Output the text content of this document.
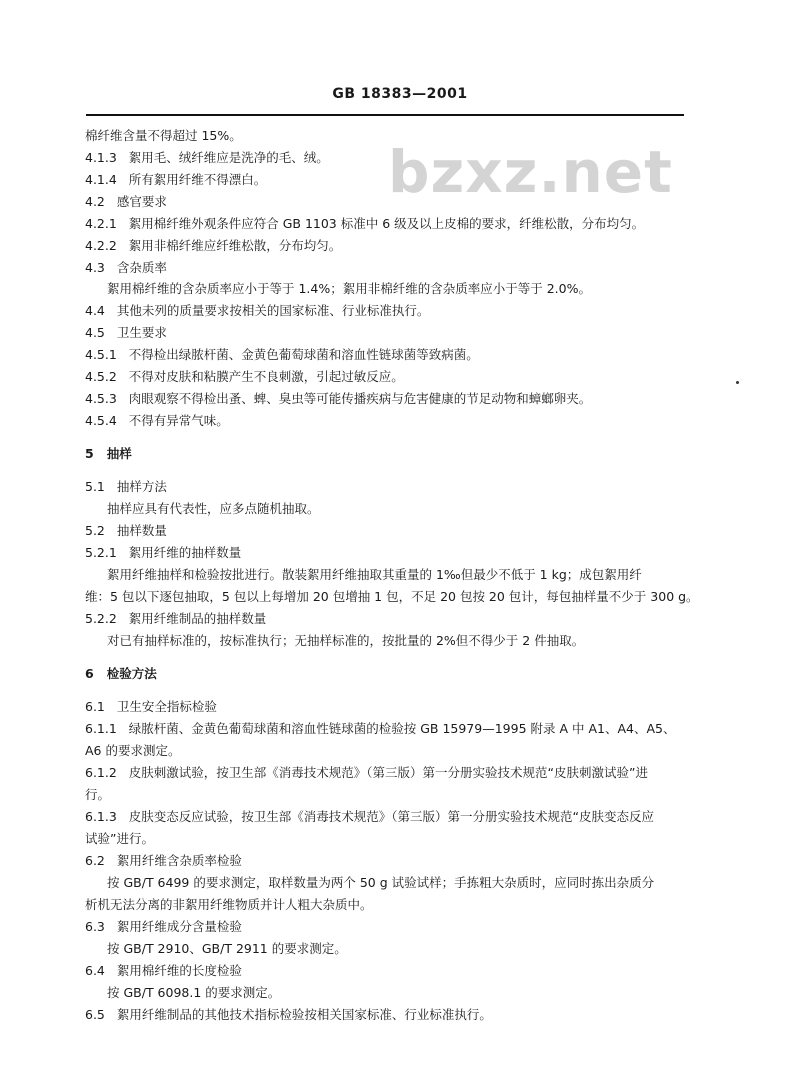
GB 18383—2001
bzxz.net
棉纤维含量不得超过 15%。
4.1.3 絮用毛、绒纤维应是洗净的毛、绒。
4.1.4 所有絮用纤维不得漂白。
4.2 感官要求
4.2.1 絮用棉纤维外观条件应符合 GB 1103 标准中 6 级及以上皮棉的要求，纤维松散，分布均匀。
4.2.2 絮用非棉纤维应纤维松散，分布均匀。
4.3 含杂质率
絮用棉纤维的含杂质率应小于等于 1.4%；絮用非棉纤维的含杂质率应小于等于 2.0%。
4.4 其他未列的质量要求按相关的国家标准、行业标准执行。
4.5 卫生要求
4.5.1 不得检出绿脓杆菌、金黄色葡萄球菌和溶血性链球菌等致病菌。
4.5.2 不得对皮肤和粘膜产生不良刺激，引起过敏反应。
4.5.3 肉眼观察不得检出蚤、蜱、臭虫等可能传播疾病与危害健康的节足动物和蟑螂卵夹。
4.5.4 不得有异常气味。
5 抽样
5.1 抽样方法
抽样应具有代表性，应多点随机抽取。
5.2 抽样数量
5.2.1 絮用纤维的抽样数量
絮用纤维抽样和检验按批进行。散装絮用纤维抽取其重量的 1‰但最少不低于 1 kg；成包絮用纤
维：5 包以下逐包抽取，5 包以上每增加 20 包增抽 1 包，不足 20 包按 20 包计，每包抽样量不少于 300 g。
5.2.2 絮用纤维制品的抽样数量
对已有抽样标准的，按标准执行；无抽样标准的，按批量的 2%但不得少于 2 件抽取。
6 检验方法
6.1 卫生安全指标检验
6.1.1 绿脓杆菌、金黄色葡萄球菌和溶血性链球菌的检验按 GB 15979—1995 附录 A 中 A1、A4、A5、
A6 的要求测定。
6.1.2 皮肤刺激试验，按卫生部《消毒技术规范》（第三版）第一分册实验技术规范“皮肤刺激试验”进
行。
6.1.3 皮肤变态反应试验，按卫生部《消毒技术规范》（第三版）第一分册实验技术规范“皮肤变态反应
试验”进行。
6.2 絮用纤维含杂质率检验
按 GB/T 6499 的要求测定，取样数量为两个 50 g 试验试样；手拣粗大杂质时，应同时拣出杂质分
析机无法分离的非絮用纤维物质并计人粗大杂质中。
6.3 絮用纤维成分含量检验
按 GB/T 2910、GB/T 2911 的要求测定。
6.4 絮用棉纤维的长度检验
按 GB/T 6098.1 的要求测定。
6.5 絮用纤维制品的其他技术指标检验按相关国家标准、行业标准执行。
